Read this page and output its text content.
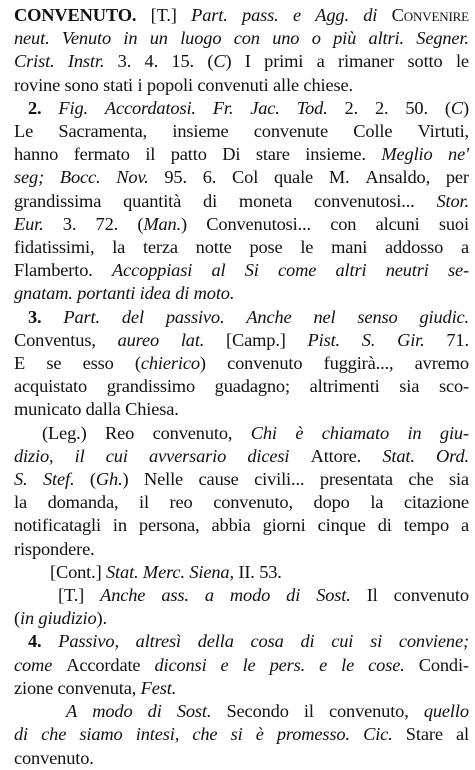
CONVENUTO. [T.] Part. pass. e Agg. di Convenire
neut. Venuto in un luogo con uno o più altri. Segner.
Crist. Instr. 3. 4. 15. (C) I primi a rimaner sotto le
rovine sono stati i popoli convenuti alle chiese.
2. Fig. Accordatosi. Fr. Jac. Tod. 2. 2. 50. (C)
Le Sacramenta, insieme convenute Colle Virtuti,
hanno fermato il patto Di stare insieme. Meglio ne'
seg; Bocc. Nov. 95. 6. Col quale M. Ansaldo, per
grandissima quantità di moneta convenutosi... Stor.
Eur. 3. 72. (Man.) Convenutosi... con alcuni suoi
fidatissimi, la terza notte pose le mani addosso a
Flamberto. Accoppiasi al Si come altri neutri se-
gnatam. portanti idea di moto.
3. Part. del passivo. Anche nel senso giudic.
Conventus, aureo lat. [Camp.] Pist. S. Gir. 71.
E se esso (chierico) convenuto fuggirà..., avremo
acquistato grandissimo guadagno; altrimenti sia sco-
municato dalla Chiesa.
(Leg.) Reo convenuto, Chi è chiamato in giu-
dizio, il cui avversario dicesi Attore. Stat. Ord.
S. Stef. (Gh.) Nelle cause civili... presentata che sia
la domanda, il reo convenuto, dopo la citazione
notificatagli in persona, abbia giorni cinque di tempo a
rispondere.
[Cont.] Stat. Merc. Siena, II. 53.
[T.] Anche ass. a modo di Sost. Il convenuto
( in giudizio ).
4. Passivo, altresì della cosa di cui si conviene;
come Accordate diconsi e le pers. e le cose. Condi-
zione convenuta, Fest.
A modo di Sost. Secondo il convenuto, quello
di che siamo intesi, che si è promesso. Cic. Stare al
convenuto.
